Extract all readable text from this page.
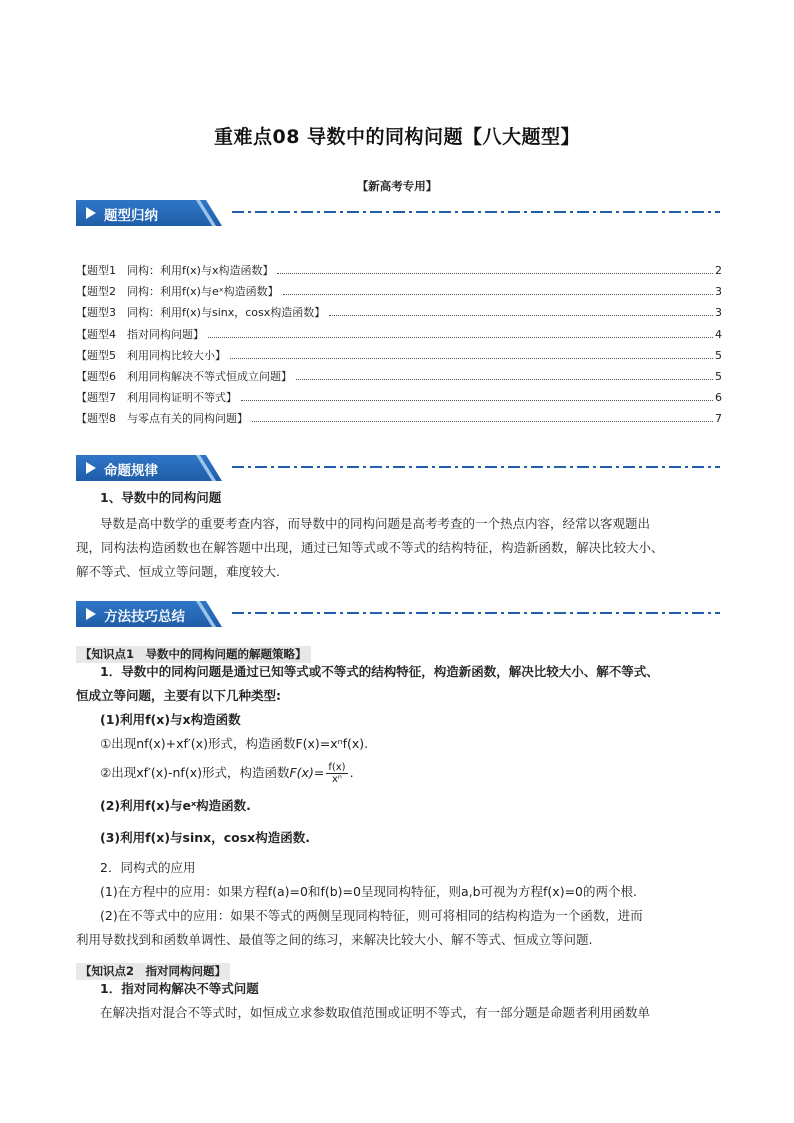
重难点08 导数中的同构问题【八大题型】
【新高考专用】
题型归纳
【题型1　同构：利用f(x)与x构造函数】	2
【题型2　同构：利用f(x)与eˣ构造函数】	3
【题型3　同构：利用f(x)与sinx，cosx构造函数】	3
【题型4　指对同构问题】	4
【题型5　利用同构比较大小】	5
【题型6　利用同构解决不等式恒成立问题】	5
【题型7　利用同构证明不等式】	6
【题型8　与零点有关的同构问题】	7
命题规律
1、导数中的同构问题
导数是高中数学的重要考查内容，而导数中的同构问题是高考考查的一个热点内容，经常以客观题出
现，同构法构造函数也在解答题中出现，通过已知等式或不等式的结构特征，构造新函数，解决比较大小、
解不等式、恒成立等问题，难度较大.
方法技巧总结
【知识点1　导数中的同构问题的解题策略】
1．导数中的同构问题是通过已知等式或不等式的结构特征，构造新函数，解决比较大小、解不等式、
恒成立等问题，主要有以下几种类型:
(1)利用f(x)与x构造函数
①出现nf(x)+xf′(x)形式，构造函数F(x)=xⁿf(x).
②出现xf′(x)-nf(x)形式，构造函数$F(x)= \frac{f(x)}{\text{xⁿ}}$ .
(2)利用f(x)与eˣ构造函数.
(3)利用f(x)与sinx，cosx构造函数.
2．同构式的应用
(1)在方程中的应用：如果方程f(a)=0和f(b)=0呈现同构特征，则a,b可视为方程f(x)=0的两个根.
(2)在不等式中的应用：如果不等式的两侧呈现同构特征，则可将相同的结构构造为一个函数，进而
利用导数找到和函数单调性、最值等之间的练习，来解决比较大小、解不等式、恒成立等问题.
【知识点2　指对同构问题】
1．指对同构解决不等式问题
在解决指对混合不等式时，如恒成立求参数取值范围或证明不等式，有一部分题是命题者利用函数单
